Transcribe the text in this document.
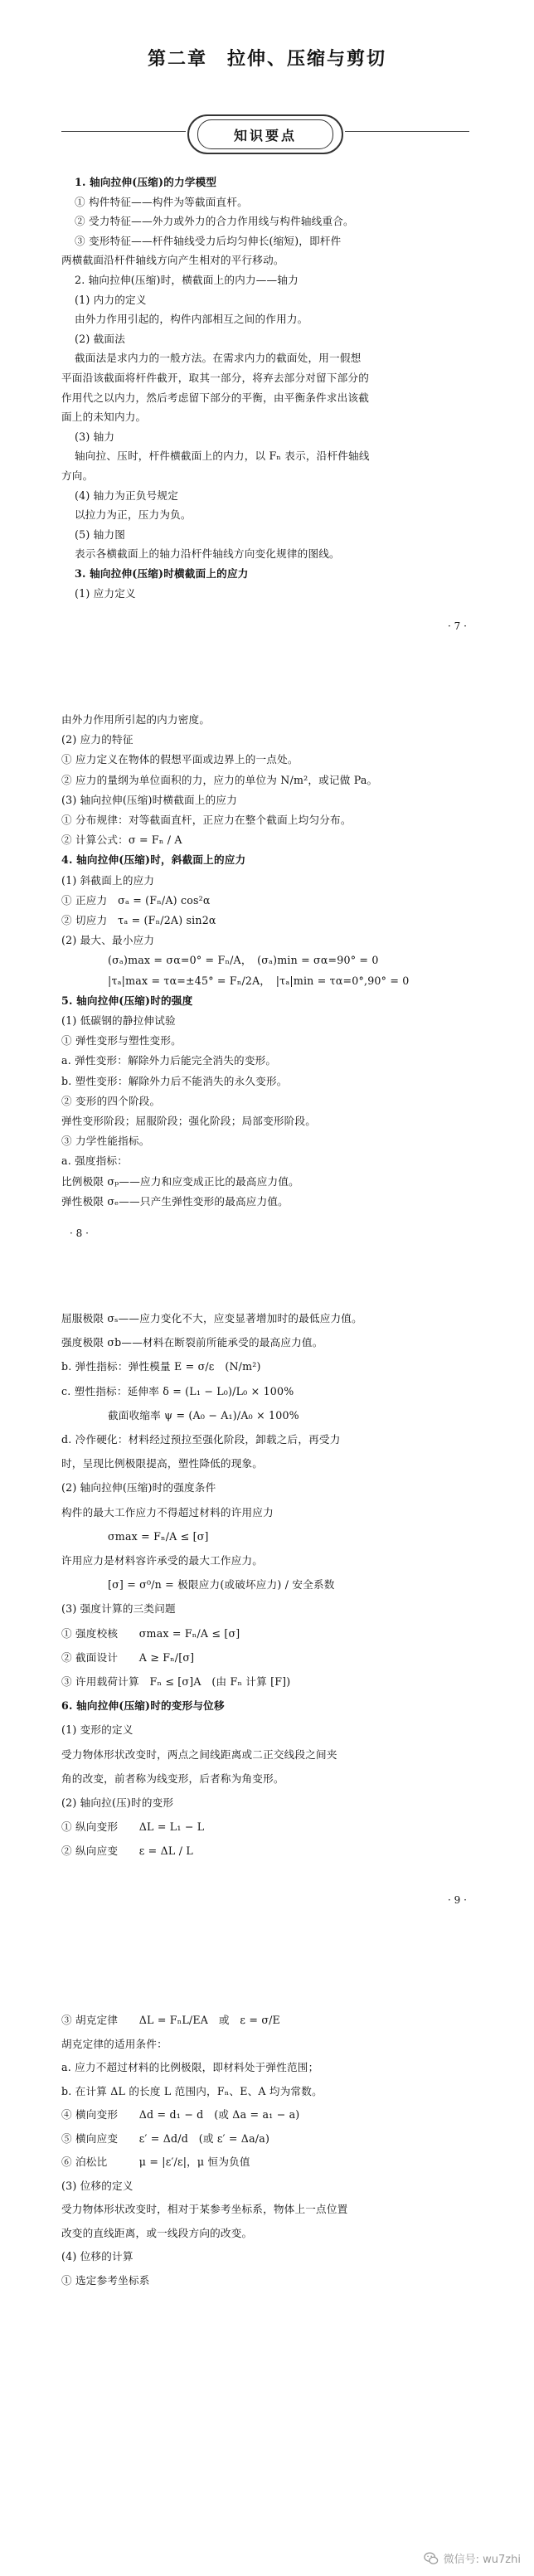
第二章　拉伸、压缩与剪切
知识要点
1. 轴向拉伸(压缩)的力学模型
① 构件特征——构件为等截面直杆。
② 受力特征——外力或外力的合力作用线与构件轴线重合。
③ 变形特征——杆件轴线受力后均匀伸长(缩短)，即杆件
两横截面沿杆件轴线方向产生相对的平行移动。
2. 轴向拉伸(压缩)时，横截面上的内力——轴力
(1) 内力的定义
由外力作用引起的，构件内部相互之间的作用力。
(2) 截面法
截面法是求内力的一般方法。在需求内力的截面处，用一假想
平面沿该截面将杆件截开，取其一部分，将弃去部分对留下部分的
作用代之以内力，然后考虑留下部分的平衡，由平衡条件求出该截
面上的未知内力。
(3) 轴力
轴向拉、压时，杆件横截面上的内力，以 Fₙ 表示，沿杆件轴线
方向。
(4) 轴力为正负号规定
以拉力为正，压力为负。
(5) 轴力图
表示各横截面上的轴力沿杆件轴线方向变化规律的图线。
3. 轴向拉伸(压缩)时横截面上的应力
(1) 应力定义
由外力作用所引起的内力密度。
(2) 应力的特征
① 应力定义在物体的假想平面或边界上的一点处。
② 应力的量纲为单位面积的力，应力的单位为 N/m²，或记做 Pa。
(3) 轴向拉伸(压缩)时横截面上的应力
① 分布规律：对等截面直杆，正应力在整个截面上均匀分布。
② 计算公式：σ = Fₙ / A
4. 轴向拉伸(压缩)时，斜截面上的应力
(1) 斜截面上的应力
① 正应力　σₐ = (Fₙ/A) cos²α
② 切应力　τₐ = (Fₙ/2A) sin2α
(2) 最大、最小应力
(σₐ)max = σα=0° = Fₙ/A，　(σₐ)min = σα=90° = 0
|τₐ|max = τα=±45° = Fₙ/2A，　|τₐ|min = τα=0°,90° = 0
5. 轴向拉伸(压缩)时的强度
(1) 低碳钢的静拉伸试验
① 弹性变形与塑性变形。
a. 弹性变形：解除外力后能完全消失的变形。
b. 塑性变形：解除外力后不能消失的永久变形。
② 变形的四个阶段。
弹性变形阶段；屈服阶段；强化阶段；局部变形阶段。
③ 力学性能指标。
a. 强度指标：
比例极限 σₚ——应力和应变成正比的最高应力值。
弹性极限 σₑ——只产生弹性变形的最高应力值。
屈服极限 σₛ——应力变化不大，应变显著增加时的最低应力值。
强度极限 σb——材料在断裂前所能承受的最高应力值。
b. 弹性指标：弹性模量 E = σ/ε　(N/m²)
c. 塑性指标：延伸率 δ = (L₁ − L₀)/L₀ × 100%
截面收缩率 ψ = (A₀ − A₁)/A₀ × 100%
d. 冷作硬化：材料经过预拉至强化阶段，卸载之后，再受力
时，呈现比例极限提高，塑性降低的现象。
(2) 轴向拉伸(压缩)时的强度条件
构件的最大工作应力不得超过材料的许用应力
σmax = Fₙ/A ≤ [σ]
许用应力是材料容许承受的最大工作应力。
[σ] = σ⁰/n = 极限应力(或破坏应力) / 安全系数
(3) 强度计算的三类问题
① 强度校核　　σmax = Fₙ/A ≤ [σ]
② 截面设计　　A ≥ Fₙ/[σ]
③ 许用载荷计算　Fₙ ≤ [σ]A　(由 Fₙ 计算 [F])
6. 轴向拉伸(压缩)时的变形与位移
(1) 变形的定义
受力物体形状改变时，两点之间线距离或二正交线段之间夹
角的改变，前者称为线变形，后者称为角变形。
(2) 轴向拉(压)时的变形
① 纵向变形　　ΔL = L₁ − L
② 纵向应变　　ε = ΔL / L
③ 胡克定律　　ΔL = FₙL/EA　或　ε = σ/E
胡克定律的适用条件：
a. 应力不超过材料的比例极限，即材料处于弹性范围；
b. 在计算 ΔL 的长度 L 范围内，Fₙ、E、A 均为常数。
④ 横向变形　　Δd = d₁ − d　(或 Δa = a₁ − a)
⑤ 横向应变　　ε′ = Δd/d　(或 ε′ = Δa/a)
⑥ 泊松比　　　μ = |ε′/ε|，μ 恒为负值
(3) 位移的定义
受力物体形状改变时，相对于某参考坐标系，物体上一点位置
改变的直线距离，或一线段方向的改变。
(4) 位移的计算
① 选定参考坐标系
· 7 ·
· 8 ·
· 9 ·
微信号: wu7zhi
